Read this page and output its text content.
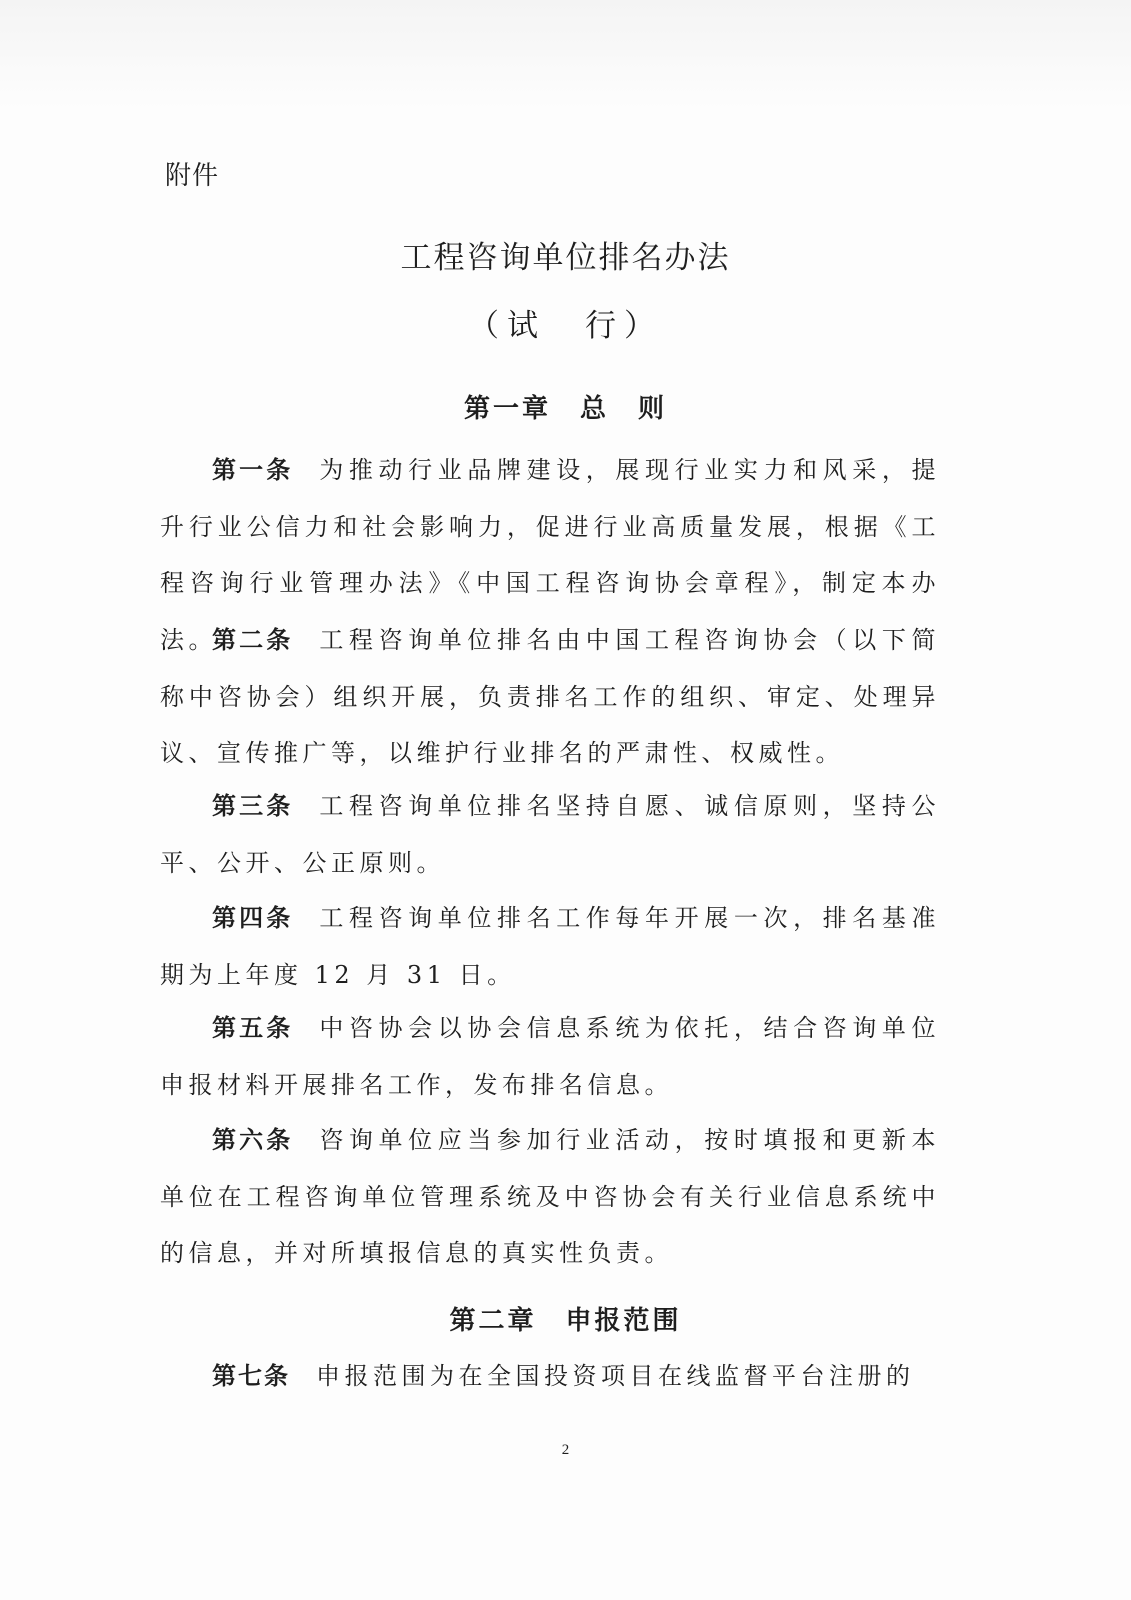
附件
工程咨询单位排名办法
（试　行）
第一章　总　则

第一条 为推动行业品牌建设，展现行业实力和风采，提升行业公信力和社会影响力，促进行业高质量发展，根据《工程咨询行业管理办法》《中国工程咨询协会章程》，制定本办法。

第二条 工程咨询单位排名由中国工程咨询协会（以下简称中咨协会）组织开展，负责排名工作的组织、审定、处理异议、宣传推广等，以维护行业排名的严肃性、权威性。

第三条 工程咨询单位排名坚持自愿、诚信原则，坚持公平、公开、公正原则。

第四条 工程咨询单位排名工作每年开展一次，排名基准期为上年度 12 月 31 日。

第五条 中咨协会以协会信息系统为依托，结合咨询单位申报材料开展排名工作，发布排名信息。

第六条 咨询单位应当参加行业活动，按时填报和更新本单位在工程咨询单位管理系统及中咨协会有关行业信息系统中的信息，并对所填报信息的真实性负责。

第二章　申报范围

第七条 申报范围为在全国投资项目在线监督平台注册的

2
